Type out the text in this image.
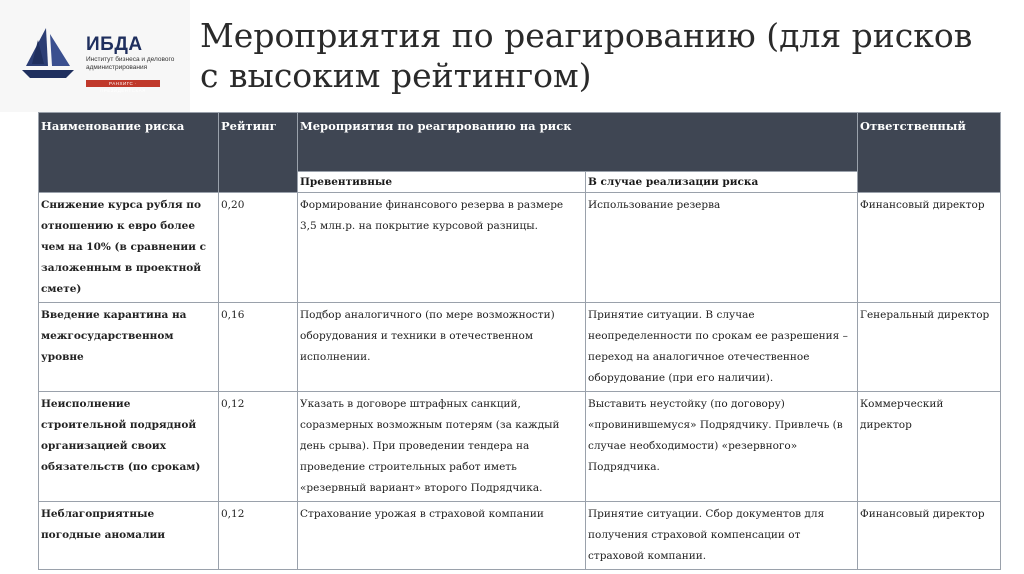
ИБДА
Институт бизнеса и делового администрирования
РАНХИГС · ПРЕЗИДЕНТСКАЯ
Мероприятия по реагированию (для рисков с высоким рейтингом)
Наименование риска	Рейтинг	Мероприятия по реагированию на риск		Ответственный
		Превентивные	В случае реализации риска	
Снижение курса рубля по отношению к евро более чем на 10% (в сравнении с заложенным в проектной смете)	0,20	Формирование финансового резерва в размере 3,5 млн.р. на покрытие курсовой разницы.	Использование резерва	Финансовый директор
Введение карантина на межгосударственном уровне	0,16	Подбор аналогичного (по мере возможности) оборудования и техники в отечественном исполнении.	Принятие ситуации. В случае неопределенности по срокам ее разрешения – переход на аналогичное отечественное оборудование (при его наличии).	Генеральный директор
Неисполнение строительной подрядной организацией своих обязательств (по срокам)	0,12	Указать в договоре штрафных санкций, соразмерных возможным потерям (за каждый день срыва). При проведении тендера на проведение строительных работ иметь «резервный вариант» второго Подрядчика.	Выставить неустойку (по договору) «провинившемуся» Подрядчику. Привлечь (в случае необходимости) «резервного» Подрядчика.	Коммерческий директор
Неблагоприятные погодные аномалии	0,12	Страхование урожая в страховой компании	Принятие ситуации. Сбор документов для получения страховой компенсации от страховой компании.	Финансовый директор
